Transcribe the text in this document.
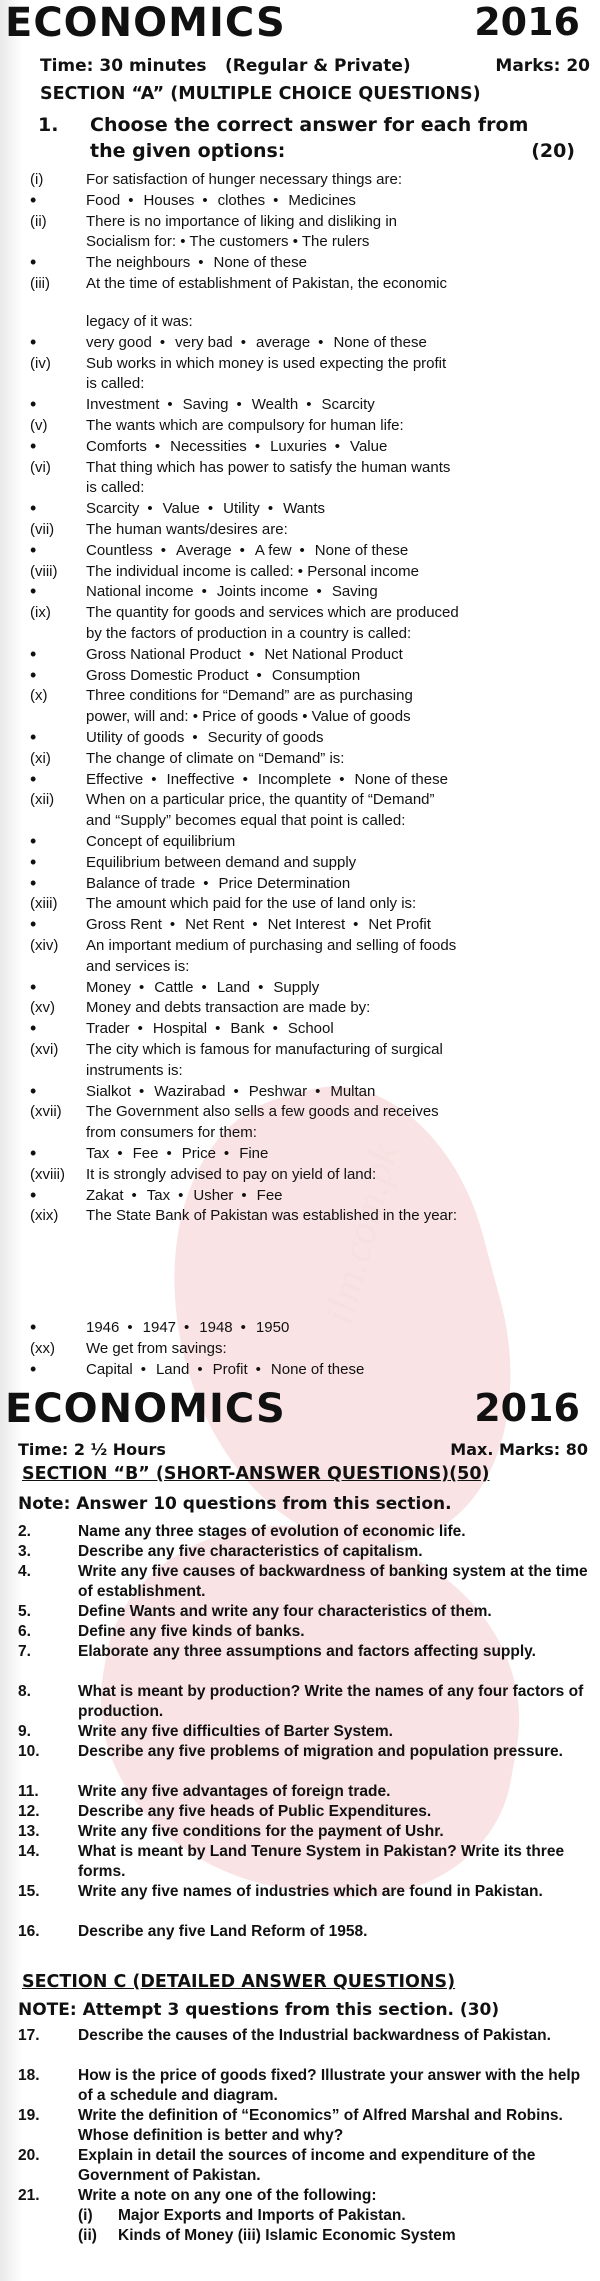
ilm.com.pk
ECONOMICS	2016
Time: 30 minutes (Regular & Private)	Marks: 20
SECTION “A” (MULTIPLE CHOICE QUESTIONS)
1. Choose the correct answer for each from
the given options:	(20)
(i)	For satisfaction of hunger necessary things are:
•	Food	• Houses	• clothes	• Medicines
(ii)	There is no importance of liking and disliking in
Socialism for: • The customers • The rulers
•	The neighbours	• None of these
(iii)	At the time of establishment of Pakistan, the economic
legacy of it was:
•	very good	• very bad	• average	• None of these
(iv)	Sub works in which money is used expecting the profit
is called:
•	Investment	• Saving	• Wealth	• Scarcity
(v)	The wants which are compulsory for human life:
•	Comforts	• Necessities	• Luxuries	• Value
(vi)	That thing which has power to satisfy the human wants
is called:
•	Scarcity	• Value	• Utility	• Wants
(vii)	The human wants/desires are:
•	Countless	• Average	• A few	• None of these
(viii)	The individual income is called: • Personal income
•	National income	• Joints income	• Saving
(ix)	The quantity for goods and services which are produced
by the factors of production in a country is called:
•	Gross National Product	• Net National Product
•	Gross Domestic Product	• Consumption
(x)	Three conditions for “Demand” are as purchasing
power, will and: • Price of goods • Value of goods
•	Utility of goods	• Security of goods
(xi)	The change of climate on “Demand” is:
•	Effective	• Ineffective	• Incomplete	• None of these
(xii)	When on a particular price, the quantity of “Demand”
and “Supply” becomes equal that point is called:
•	Concept of equilibrium
•	Equilibrium between demand and supply
•	Balance of trade	• Price Determination
(xiii)	The amount which paid for the use of land only is:
•	Gross Rent	• Net Rent	• Net Interest	• Net Profit
(xiv)	An important medium of purchasing and selling of foods
and services is:
•	Money	• Cattle	• Land	• Supply
(xv)	Money and debts transaction are made by:
•	Trader	• Hospital	• Bank	• School
(xvi)	The city which is famous for manufacturing of surgical
instruments is:
•	Sialkot	• Wazirabad	• Peshwar	• Multan
(xvii)	The Government also sells a few goods and receives
from consumers for them:
•	Tax	• Fee	• Price	• Fine
(xviii)	It is strongly advised to pay on yield of land:
•	Zakat	• Tax	• Usher	• Fee
(xix)	The State Bank of Pakistan was established in the year:
•	1946	• 1947	• 1948	• 1950
(xx)	We get from savings:
•	Capital	• Land	• Profit	• None of these
ECONOMICS	2016
Time: 2 ½ Hours	Max. Marks: 80
SECTION “B” (SHORT-ANSWER QUESTIONS)(50)
Note: Answer 10 questions from this section.
2.	Name any three stages of evolution of economic life.
3.	Describe any five characteristics of capitalism.
4.	Write any five causes of backwardness of banking system at the time of establishment.
5.	Define Wants and write any four characteristics of them.
6.	Define any five kinds of banks.
7.	Elaborate any three assumptions and factors affecting supply.
8.	What is meant by production? Write the names of any four factors of production.
9.	Write any five difficulties of Barter System.
10. Describe any five problems of migration and population pressure.
11.	Write any five advantages of foreign trade.
12. Describe any five heads of Public Expenditures.
13. Write any five conditions for the payment of Ushr.
14. What is meant by Land Tenure System in Pakistan? Write its three forms.
15. Write any five names of industries which are found in Pakistan.
16. Describe any five Land Reform of 1958.
SECTION C (DETAILED ANSWER QUESTIONS)
NOTE: Attempt 3 questions from this section. (30)
17. Describe the causes of the Industrial backwardness of Pakistan.
18. How is the price of goods fixed? Illustrate your answer with the help of a schedule and diagram.
19. Write the definition of “Economics” of Alfred Marshal and Robins. Whose definition is better and why?
20. Explain in detail the sources of income and expenditure of the Government of Pakistan.
21. Write a note on any one of the following:
(i) Major Exports and Imports of Pakistan.
(ii) Kinds of Money (iii) Islamic Economic System
